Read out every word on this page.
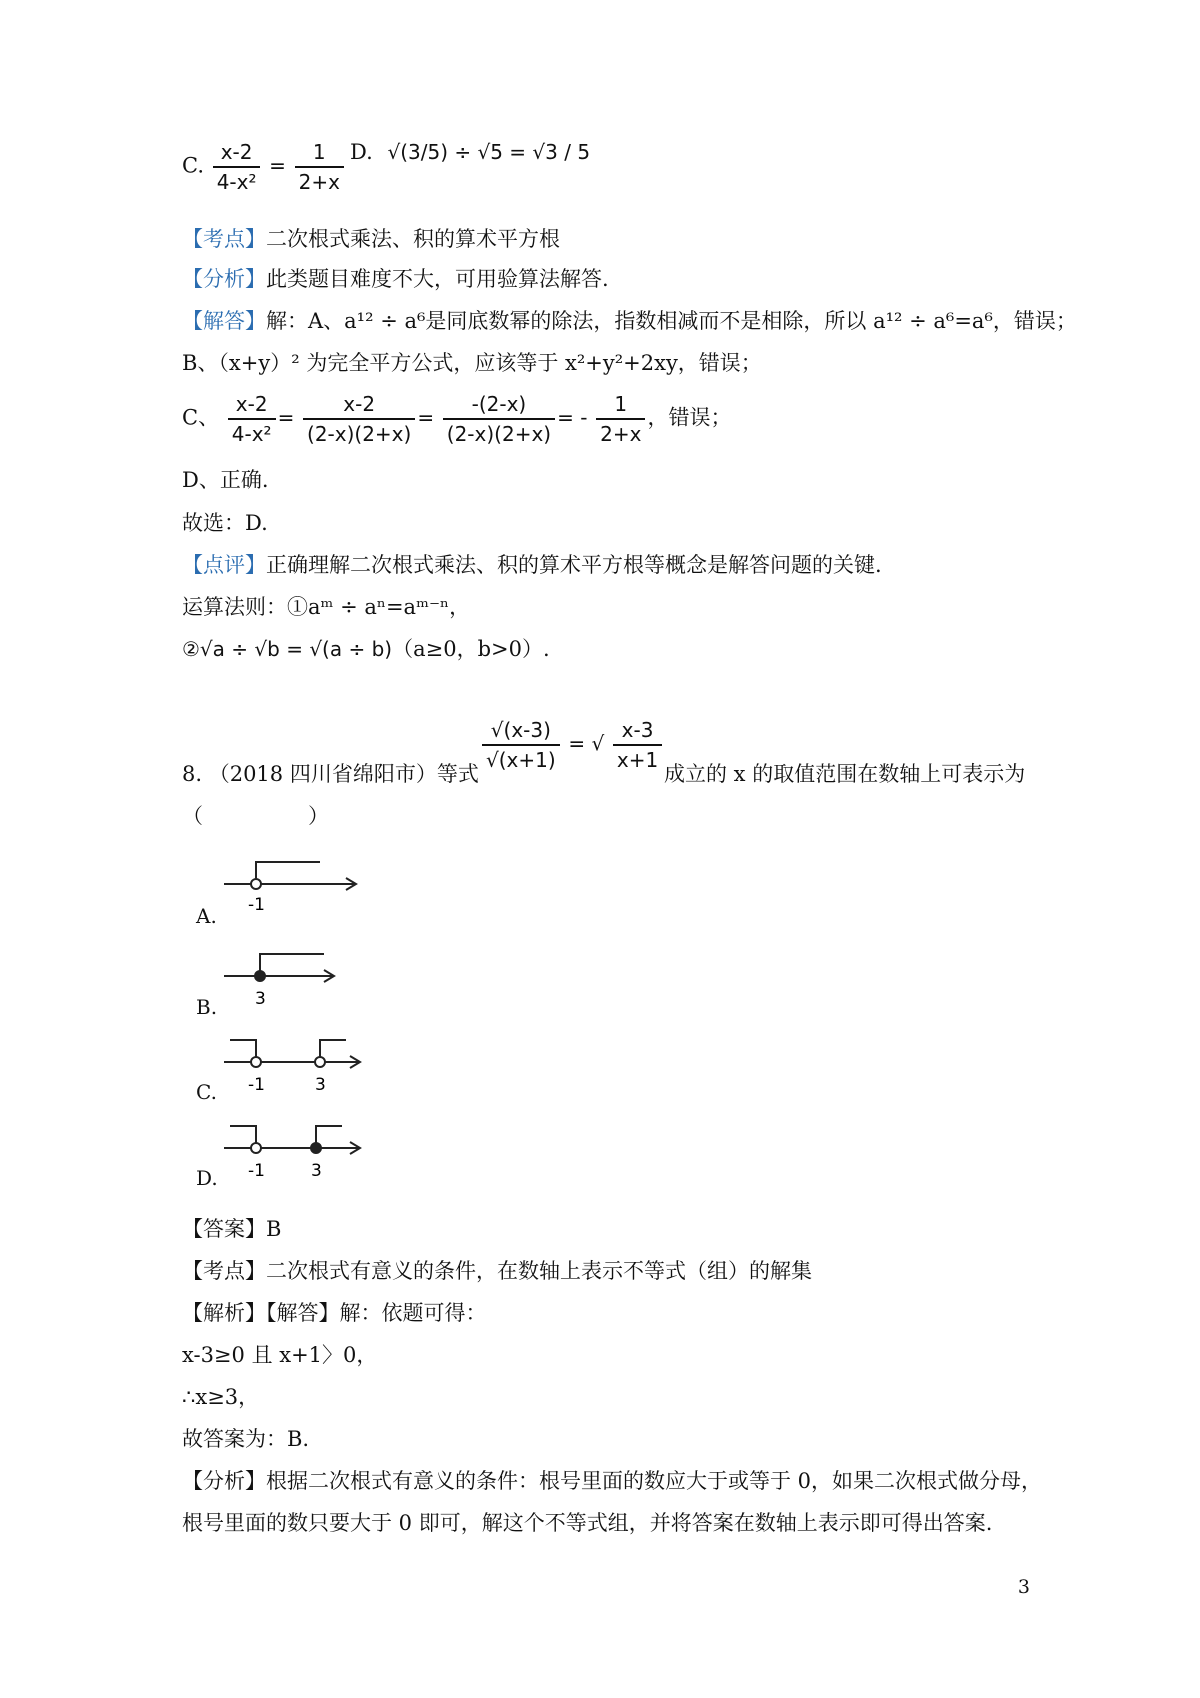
C. $\frac{x-2}{\text{4-x²}} = \frac{1}{2+x} D$. √(3/5) ÷ √5 = √3 / 5
【考点】二次根式乘法、积的算术平方根
【分析】此类题目难度不大，可用验算法解答.
【解答】解：A、a¹² ÷ a⁶是同底数幂的除法，指数相减而不是相除，所以 a¹² ÷ a⁶=a⁶，错误；
B、（x+y）² 为完全平方公式，应该等于 x²+y²+2xy，错误；
C、 $\frac{x-2}{\text{4-x²}} = \frac{x-2}{(2-x)(2+x)} = \frac{-(2-x)}{(2-x)(2+x)}$ = - $\frac{1}{2+x}$ ，错误；
D、正确.
故选：D.
【点评】正确理解二次根式乘法、积的算术平方根等概念是解答问题的关键.
运算法则：①aᵐ ÷ aⁿ=aᵐ⁻ⁿ，
②√a ÷ √b = √(a ÷ b)（a≥0，b>0）.
8. （2018 四川省绵阳市）等式
$\frac{√(x-3)}{√(x+1)}$ = √ $\frac{x-3}{x+1}$
成立的 x 的取值范围在数轴上可表示为
（　　　　　）
A. -1
B. 3
C. -1	3
D. -1	3
【答案】B
【考点】二次根式有意义的条件，在数轴上表示不等式（组）的解集
【解析】【解答】解：依题可得：
x-3≥0 且 x+1〉0，
∴x≥3，
故答案为：B.
【分析】根据二次根式有意义的条件：根号里面的数应大于或等于 0，如果二次根式做分母，
根号里面的数只要大于 0 即可，解这个不等式组，并将答案在数轴上表示即可得出答案.
3
